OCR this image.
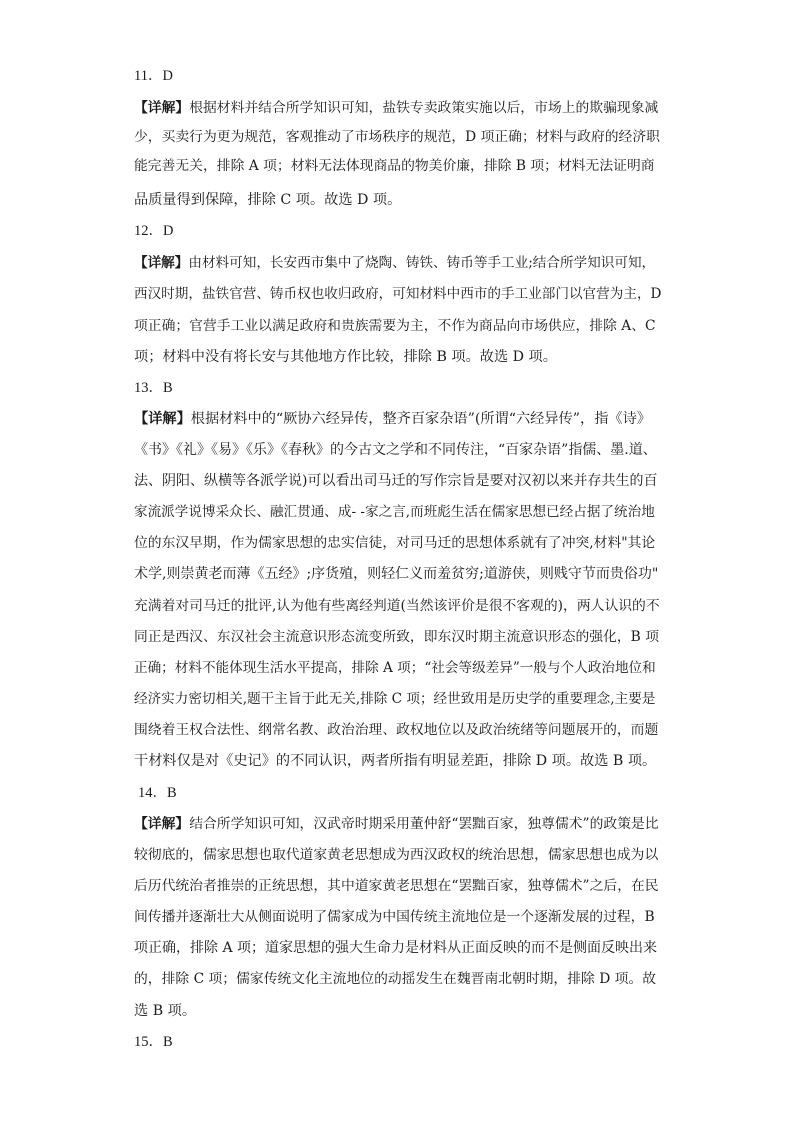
11．D
【详解】根据材料并结合所学知识可知，盐铁专卖政策实施以后，市场上的欺骗现象减
少，买卖行为更为规范，客观推动了市场秩序的规范，D 项正确；材料与政府的经济职
能完善无关，排除 A 项；材料无法体现商品的物美价廉，排除 B 项；材料无法证明商
品质量得到保障，排除 C 项。故选 D 项。
12．D
【详解】由材料可知，长安西市集中了烧陶、铸铁、铸币等手工业;结合所学知识可知，
西汉时期，盐铁官营、铸币权也收归政府，可知材料中西市的手工业部门以官营为主，D
项正确；官营手工业以满足政府和贵族需要为主，不作为商品向市场供应，排除 A、C
项；材料中没有将长安与其他地方作比较，排除 B 项。故选 D 项。
13．B
【详解】根据材料中的“厥协六经异传，整齐百家杂语”(所谓“六经异传”，指《诗》
《书》《礼》《易》《乐》《春秋》的今古文之学和不同传注，“百家杂语”指儒、墨.道、
法、阴阳、纵横等各派学说)可以看出司马迁的写作宗旨是要对汉初以来并存共生的百
家流派学说博采众长、融汇贯通、成- -家之言,而班彪生活在儒家思想已经占据了统治地
位的东汉早期，作为儒家思想的忠实信徒，对司马迁的思想体系就有了冲突,材料"其论
术学,则崇黄老而薄《五经》;序货殖，则轻仁义而羞贫穷;道游侠，则贱守节而贵俗功"
充满着对司马迁的批评,认为他有些离经判道(当然该评价是很不客观的)，两人认识的不
同正是西汉、东汉社会主流意识形态流变所致，即东汉时期主流意识形态的强化，B 项
正确；材料不能体现生活水平提高，排除 A 项；“社会等级差异”一般与个人政治地位和
经济实力密切相关,题干主旨于此无关,排除 C 项；经世致用是历史学的重要理念,主要是
围绕着王权合法性、纲常名教、政治治理、政权地位以及政治统绪等问题展开的，而题
干材料仅是对《史记》的不同认识，两者所指有明显差距，排除 D 项。故选 B 项。
14．B
【详解】结合所学知识可知，汉武帝时期采用董仲舒“罢黜百家，独尊儒术”的政策是比
较彻底的，儒家思想也取代道家黄老思想成为西汉政权的统治思想，儒家思想也成为以
后历代统治者推崇的正统思想，其中道家黄老思想在“罢黜百家，独尊儒术”之后，在民
间传播并逐渐壮大从侧面说明了儒家成为中国传统主流地位是一个逐渐发展的过程，B
项正确，排除 A 项；道家思想的强大生命力是材料从正面反映的而不是侧面反映出来
的，排除 C 项；儒家传统文化主流地位的动摇发生在魏晋南北朝时期，排除 D 项。故
选 B 项。
15．B
